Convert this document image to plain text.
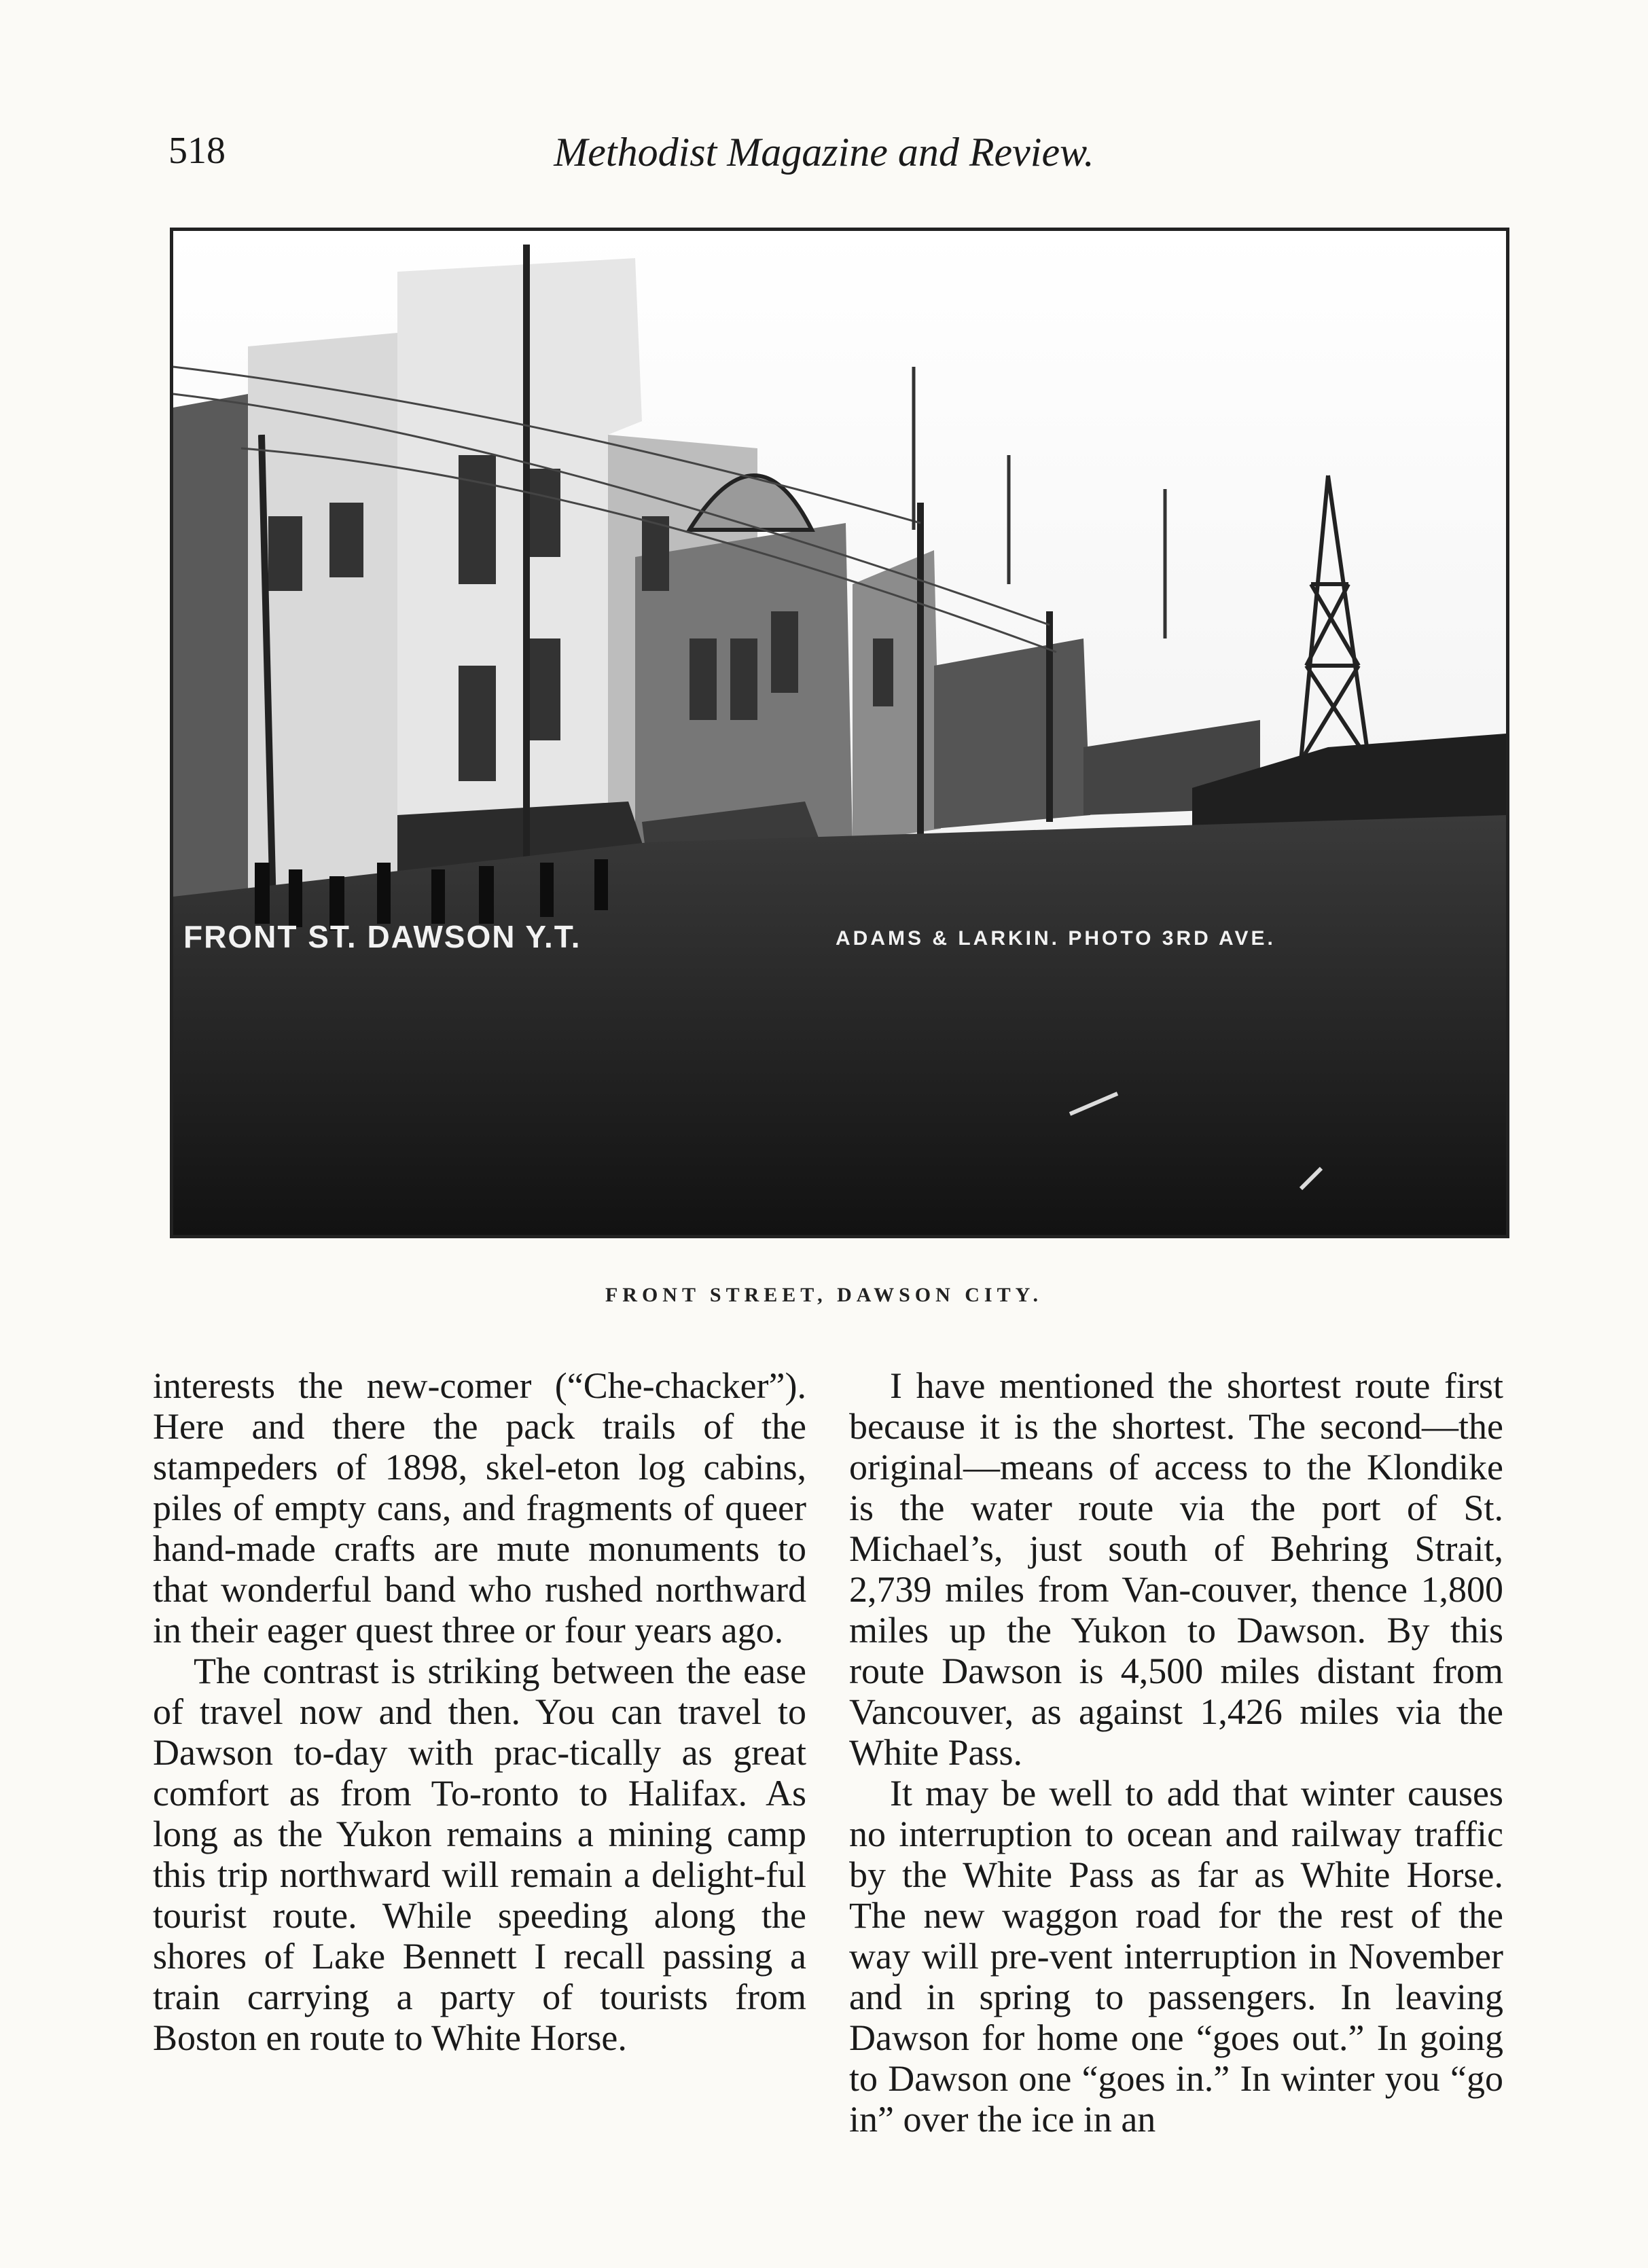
518	Methodist Magazine and Review.
FRONT ST. DAWSON Y.T.	ADAMS & LARKIN. PHOTO 3RD AVE.
FRONT STREET, DAWSON CITY.

interests the new-comer (“Che-chacker”). Here and there the pack trails of the stampeders of 1898, skel-eton log cabins, piles of empty cans, and fragments of queer hand-made crafts are mute monuments to that wonderful band who rushed northward in their eager quest three or four years ago.

The contrast is striking between the ease of travel now and then. You can travel to Dawson to-day with prac-tically as great comfort as from To-ronto to Halifax. As long as the Yukon remains a mining camp this trip northward will remain a delight-ful tourist route. While speeding along the shores of Lake Bennett I recall passing a train carrying a party of tourists from Boston en route to White Horse.

I have mentioned the shortest route first because it is the shortest. The second—the original—means of access to the Klondike is the water route via the port of St. Michael’s, just south of Behring Strait, 2,739 miles from Van-couver, thence 1,800 miles up the Yukon to Dawson. By this route Dawson is 4,500 miles distant from Vancouver, as against 1,426 miles via the White Pass.

It may be well to add that winter causes no interruption to ocean and railway traffic by the White Pass as far as White Horse. The new waggon road for the rest of the way will pre-vent interruption in November and in spring to passengers. In leaving Dawson for home one “goes out.” In going to Dawson one “goes in.” In winter you “go in” over the ice in an
